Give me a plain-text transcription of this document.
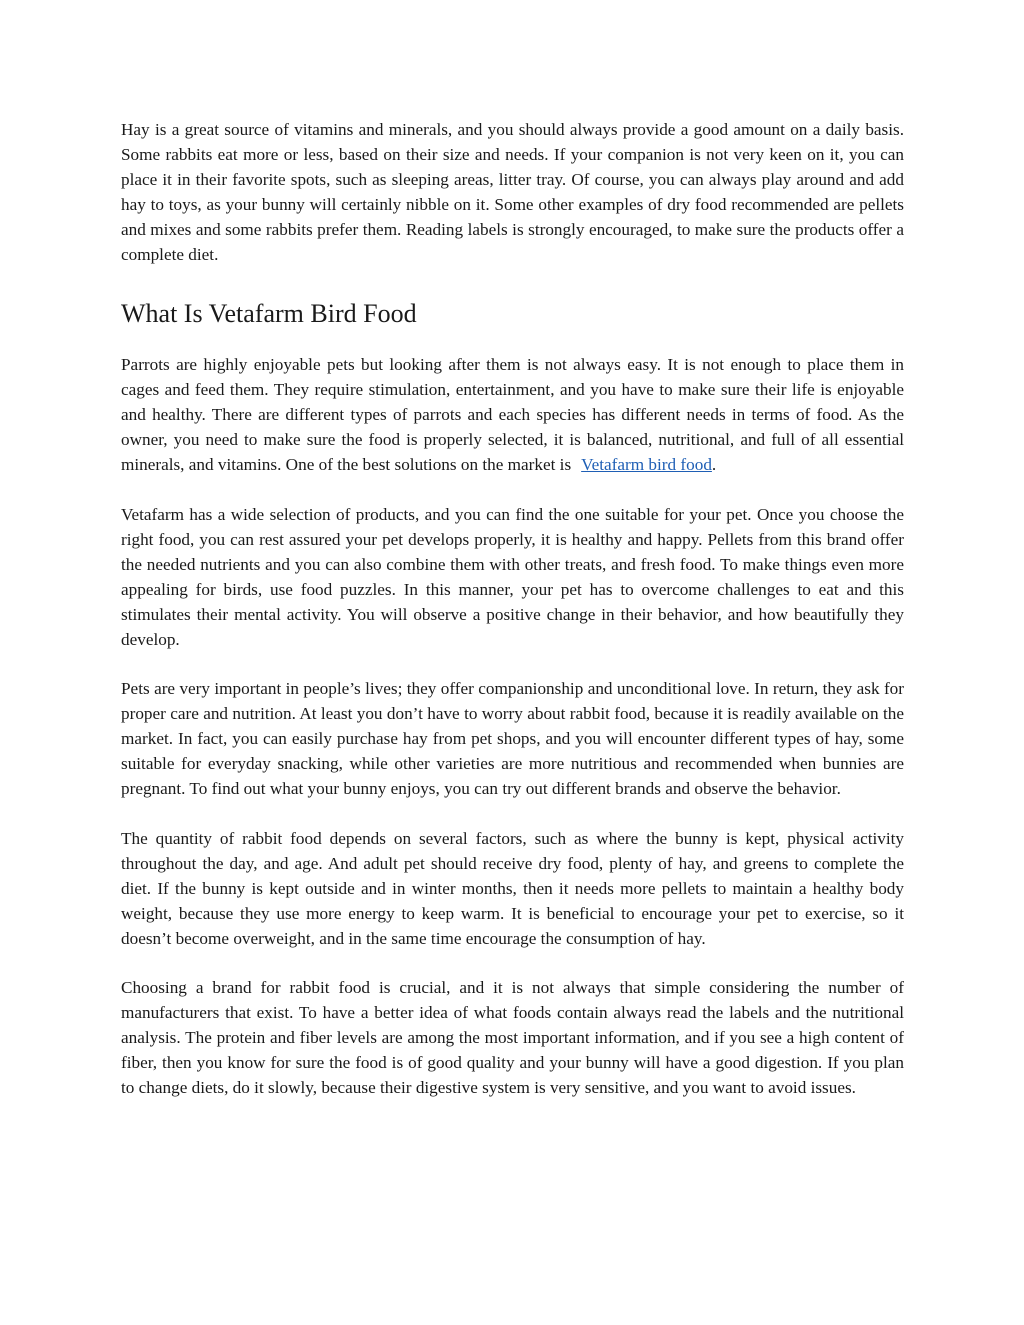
Hay is a great source of vitamins and minerals, and you should always provide a good amount on a daily basis. Some rabbits eat more or less, based on their size and needs. If your companion is not very keen on it, you can place it in their favorite spots, such as sleeping areas, litter tray. Of course, you can always play around and add hay to toys, as your bunny will certainly nibble on it. Some other examples of dry food recommended are pellets and mixes and some rabbits prefer them. Reading labels is strongly encouraged, to make sure the products offer a complete diet.

What Is Vetafarm Bird Food

Parrots are highly enjoyable pets but looking after them is not always easy. It is not enough to place them in cages and feed them. They require stimulation, entertainment, and you have to make sure their life is enjoyable and healthy. There are different types of parrots and each species has different needs in terms of food. As the owner, you need to make sure the food is properly selected, it is balanced, nutritional, and full of all essential minerals, and vitamins. One of the best solutions on the market is Vetafarm bird food.

Vetafarm has a wide selection of products, and you can find the one suitable for your pet. Once you choose the right food, you can rest assured your pet develops properly, it is healthy and happy. Pellets from this brand offer the needed nutrients and you can also combine them with other treats, and fresh food. To make things even more appealing for birds, use food puzzles. In this manner, your pet has to overcome challenges to eat and this stimulates their mental activity. You will observe a positive change in their behavior, and how beautifully they develop.

Pets are very important in people’s lives; they offer companionship and unconditional love. In return, they ask for proper care and nutrition. At least you don’t have to worry about rabbit food, because it is readily available on the market. In fact, you can easily purchase hay from pet shops, and you will encounter different types of hay, some suitable for everyday snacking, while other varieties are more nutritious and recommended when bunnies are pregnant. To find out what your bunny enjoys, you can try out different brands and observe the behavior.

The quantity of rabbit food depends on several factors, such as where the bunny is kept, physical activity throughout the day, and age. And adult pet should receive dry food, plenty of hay, and greens to complete the diet. If the bunny is kept outside and in winter months, then it needs more pellets to maintain a healthy body weight, because they use more energy to keep warm. It is beneficial to encourage your pet to exercise, so it doesn’t become overweight, and in the same time encourage the consumption of hay.

Choosing a brand for rabbit food is crucial, and it is not always that simple considering the number of manufacturers that exist. To have a better idea of what foods contain always read the labels and the nutritional analysis. The protein and fiber levels are among the most important information, and if you see a high content of fiber, then you know for sure the food is of good quality and your bunny will have a good digestion. If you plan to change diets, do it slowly, because their digestive system is very sensitive, and you want to avoid issues.
